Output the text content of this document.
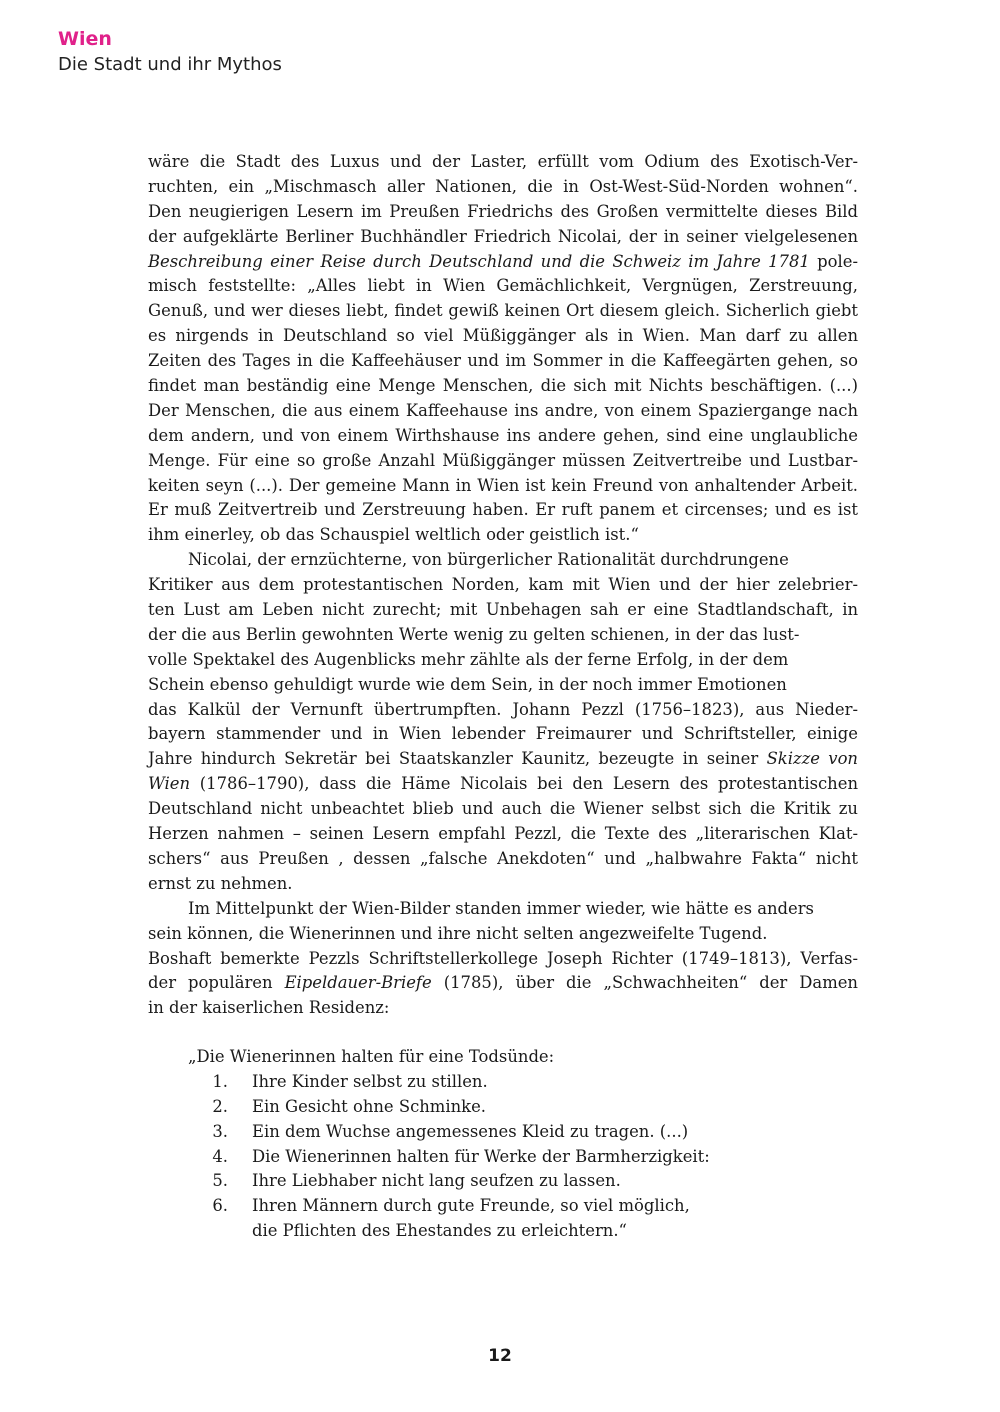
Wien
Die Stadt und ihr Mythos
wäre die Stadt des Luxus und der Laster, erfüllt vom Odium des Exotisch-Ver-
ruchten, ein „Mischmasch aller Nationen, die in Ost-West-Süd-Norden wohnen“.
Den neugierigen Lesern im Preußen Friedrichs des Großen vermittelte dieses Bild
der aufgeklärte Berliner Buchhändler Friedrich Nicolai, der in seiner vielgelesenen
Beschreibung einer Reise durch Deutschland und die Schweiz im Jahre 1781 pole-
misch feststellte: „Alles liebt in Wien Gemächlichkeit, Vergnügen, Zerstreuung,
Genuß, und wer dieses liebt, findet gewiß keinen Ort diesem gleich. Sicherlich giebt
es nirgends in Deutschland so viel Müßiggänger als in Wien. Man darf zu allen
Zeiten des Tages in die Kaffeehäuser und im Sommer in die Kaffeegärten gehen, so
findet man beständig eine Menge Menschen, die sich mit Nichts beschäftigen. (...)
Der Menschen, die aus einem Kaffeehause ins andre, von einem Spaziergange nach
dem andern, und von einem Wirthshause ins andere gehen, sind eine unglaubliche
Menge. Für eine so große Anzahl Müßiggänger müssen Zeitvertreibe und Lustbar-
keiten seyn (...). Der gemeine Mann in Wien ist kein Freund von anhaltender Arbeit.
Er muß Zeitvertreib und Zerstreuung haben. Er ruft panem et circenses; und es ist
ihm einerley, ob das Schauspiel weltlich oder geistlich ist.“
Nicolai, der ernzüchterne, von bürgerlicher Rationalität durchdrungene
Kritiker aus dem protestantischen Norden, kam mit Wien und der hier zelebrier-
ten Lust am Leben nicht zurecht; mit Unbehagen sah er eine Stadtlandschaft, in
der die aus Berlin gewohnten Werte wenig zu gelten schienen, in der das lust-
volle Spektakel des Augenblicks mehr zählte als der ferne Erfolg, in der dem
Schein ebenso gehuldigt wurde wie dem Sein, in der noch immer Emotionen
das Kalkül der Vernunft übertrumpften. Johann Pezzl (1756–1823), aus Nieder-
bayern stammender und in Wien lebender Freimaurer und Schriftsteller, einige
Jahre hindurch Sekretär bei Staatskanzler Kaunitz, bezeugte in seiner Skizze von
Wien (1786–1790), dass die Häme Nicolais bei den Lesern des protestantischen
Deutschland nicht unbeachtet blieb und auch die Wiener selbst sich die Kritik zu
Herzen nahmen – seinen Lesern empfahl Pezzl, die Texte des „literarischen Klat-
schers“ aus Preußen , dessen „falsche Anekdoten“ und „halbwahre Fakta“ nicht
ernst zu nehmen.
Im Mittelpunkt der Wien-Bilder standen immer wieder, wie hätte es anders
sein können, die Wienerinnen und ihre nicht selten angezweifelte Tugend.
Boshaft bemerkte Pezzls Schriftstellerkollege Joseph Richter (1749–1813), Verfas-
der populären Eipeldauer-Briefe (1785), über die „Schwachheiten“ der Damen
in der kaiserlichen Residenz:
„Die Wienerinnen halten für eine Todsünde:
1.	Ihre Kinder selbst zu stillen.
2.	Ein Gesicht ohne Schminke.
3.	Ein dem Wuchse angemessenes Kleid zu tragen. (...)
4.	Die Wienerinnen halten für Werke der Barmherzigkeit:
5.	Ihre Liebhaber nicht lang seufzen zu lassen.
6.	Ihren Männern durch gute Freunde, so viel möglich,
die Pflichten des Ehestandes zu erleichtern.“
12
